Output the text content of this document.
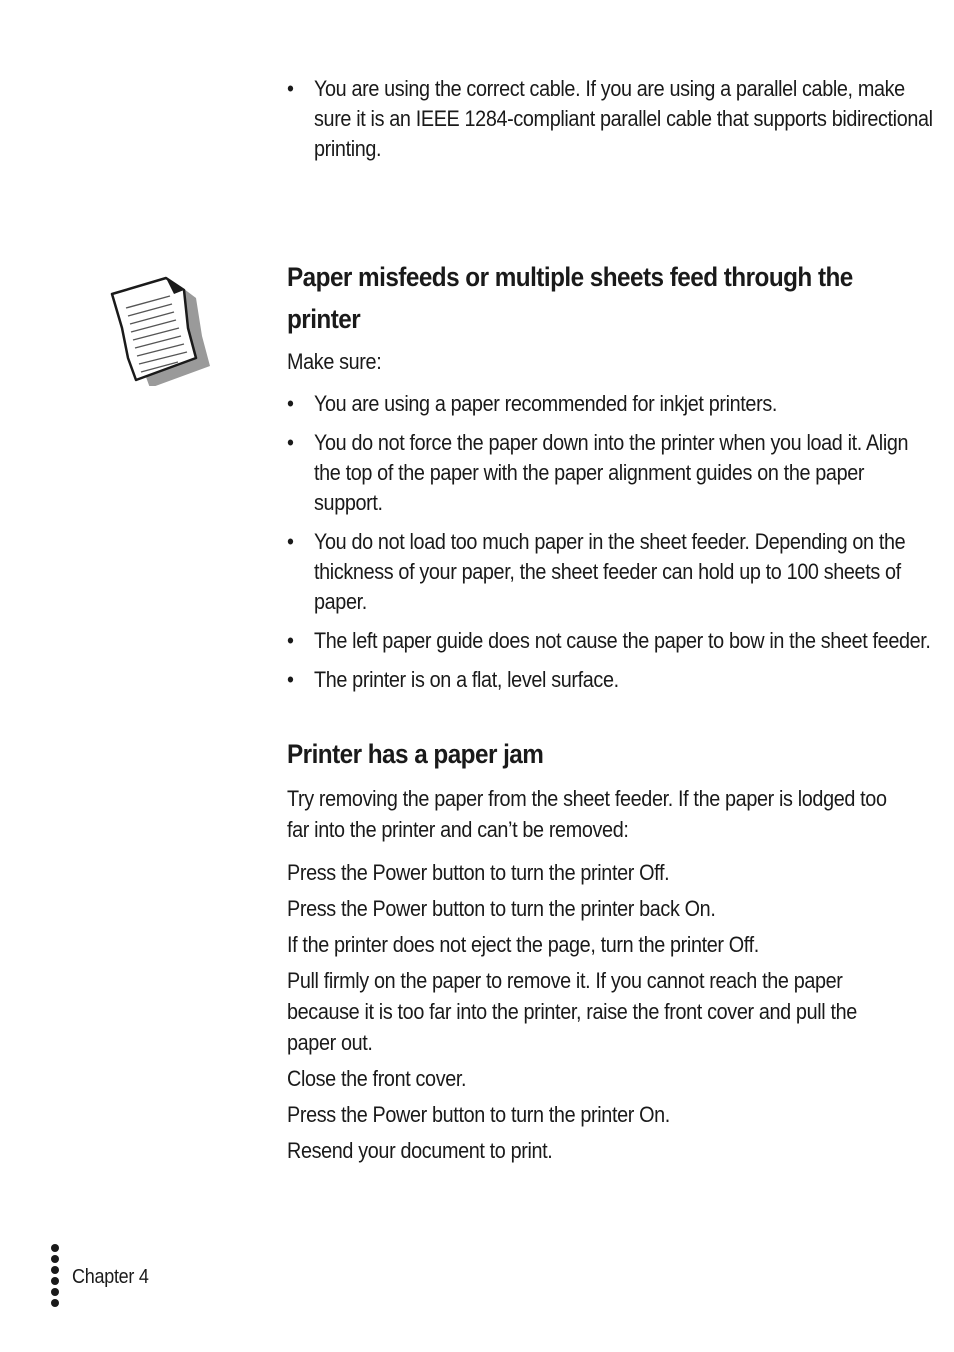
• You are using the correct cable. If you are using a parallel cable, make sure it is an IEEE 1284-compliant parallel cable that supports bidirectional printing.
Paper misfeeds or multiple sheets feed through the printer

Make sure:

• You are using a paper recommended for inkjet printers.
• You do not force the paper down into the printer when you load it. Align the top of the paper with the paper alignment guides on the paper support.
• You do not load too much paper in the sheet feeder. Depending on the thickness of your paper, the sheet feeder can hold up to 100 sheets of paper.
• The left paper guide does not cause the paper to bow in the sheet feeder.
• The printer is on a flat, level surface.
Printer has a paper jam

Try removing the paper from the sheet feeder. If the paper is lodged too far into the printer and can’t be removed:

Press the Power button to turn the printer Off.

Press the Power button to turn the printer back On.

If the printer does not eject the page, turn the printer Off.

Pull firmly on the paper to remove it. If you cannot reach the paper because it is too far into the printer, raise the front cover and pull the paper out.

Close the front cover.

Press the Power button to turn the printer On.

Resend your document to print.

Chapter 4
